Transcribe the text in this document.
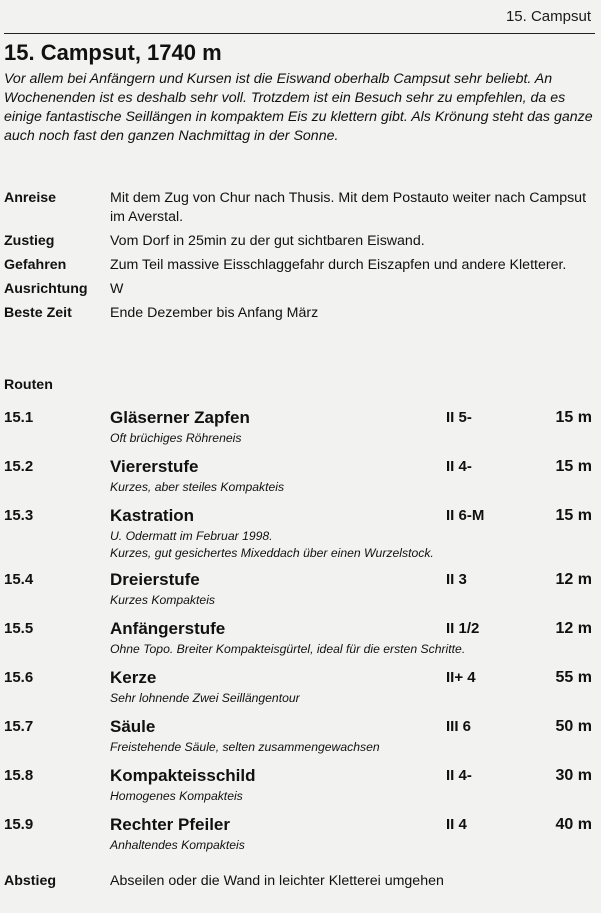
15. Campsut
15. Campsut, 1740 m

Vor allem bei Anfängern und Kursen ist die Eiswand oberhalb Campsut sehr beliebt. An Wochenenden ist es deshalb sehr voll. Trotzdem ist ein Besuch sehr zu empfehlen, da es einige fantastische Seillängen in kompaktem Eis zu klettern gibt. Als Krönung steht das ganze auch noch fast den ganzen Nachmittag in der Sonne.

Anreise	Mit dem Zug von Chur nach Thusis. Mit dem Postauto weiter nach Campsut im Averstal.
Zustieg	Vom Dorf in 25min zu der gut sichtbaren Eiswand.
Gefahren	Zum Teil massive Eisschlaggefahr durch Eiszapfen und andere Kletterer.
Ausrichtung	W
Beste Zeit	Ende Dezember bis Anfang März
Routen
15.1	Gläserner Zapfen	II 5-	15 m
Oft brüchiges Röhreneis
15.2	Viererstufe	II 4-	15 m
Kurzes, aber steiles Kompakteis
15.3	Kastration	II 6-M	15 m
U. Odermatt im Februar 1998.
Kurzes, gut gesichertes Mixeddach über einen Wurzelstock.
15.4	Dreierstufe	II 3	12 m
Kurzes Kompakteis
15.5	Anfängerstufe	II 1/2	12 m
Ohne Topo. Breiter Kompakteisgürtel, ideal für die ersten Schritte.
15.6	Kerze	II+ 4	55 m
Sehr lohnende Zwei Seillängentour
15.7	Säule	III 6	50 m
Freistehende Säule, selten zusammengewachsen
15.8	Kompakteisschild	II 4-	30 m
Homogenes Kompakteis
15.9	Rechter Pfeiler	II 4	40 m
Anhaltendes Kompakteis
Abstieg	Abseilen oder die Wand in leichter Kletterei umgehen
